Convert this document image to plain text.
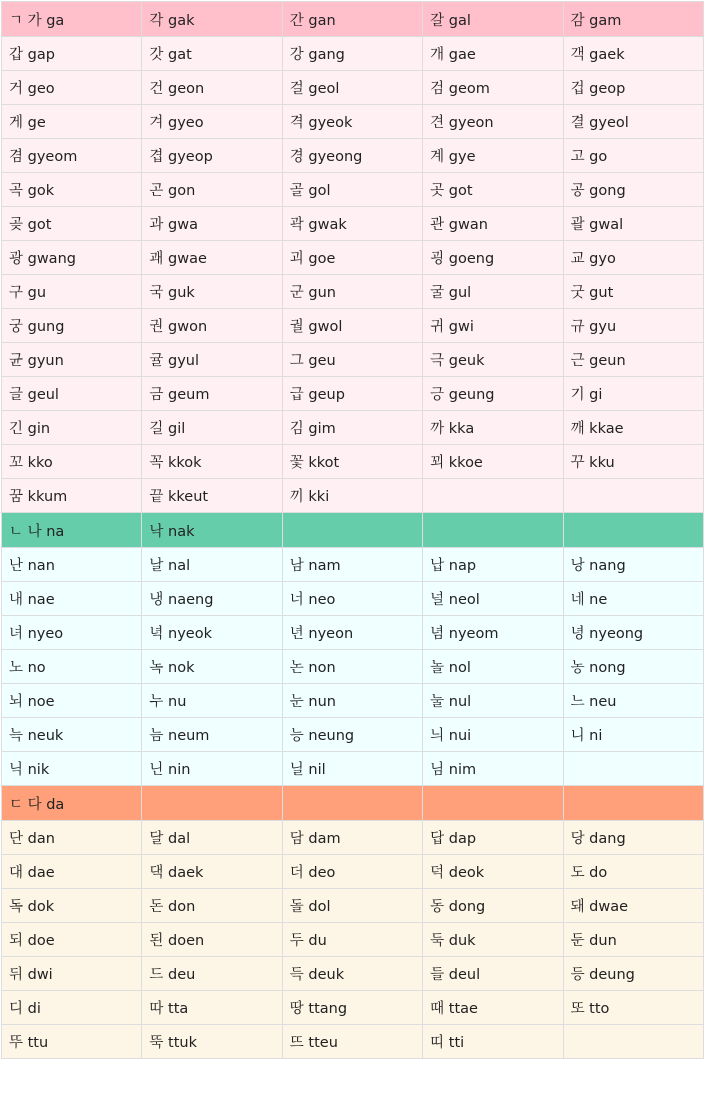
ㄱ 가 ga	각 gak	간 gan	갈 gal	감 gam
갑 gap	갓 gat	강 gang	개 gae	객 gaek
거 geo	건 geon	걸 geol	검 geom	겁 geop
게 ge	겨 gyeo	격 gyeok	견 gyeon	결 gyeol
겸 gyeom	겹 gyeop	경 gyeong	계 gye	고 go
곡 gok	곤 gon	골 gol	곳 got	공 gong
곶 got	과 gwa	곽 gwak	관 gwan	괄 gwal
광 gwang	괘 gwae	괴 goe	굉 goeng	교 gyo
구 gu	국 guk	군 gun	굴 gul	굿 gut
궁 gung	권 gwon	궐 gwol	귀 gwi	규 gyu
균 gyun	귤 gyul	그 geu	극 geuk	근 geun
글 geul	금 geum	급 geup	긍 geung	기 gi
긴 gin	길 gil	김 gim	까 kka	깨 kkae
꼬 kko	꼭 kkok	꽃 kkot	꾀 kkoe	꾸 kku
꿈 kkum	끝 kkeut	끼 kki		
ㄴ 나 na	낙 nak			
난 nan	날 nal	남 nam	납 nap	낭 nang
내 nae	냉 naeng	너 neo	널 neol	네 ne
녀 nyeo	녁 nyeok	년 nyeon	념 nyeom	녕 nyeong
노 no	녹 nok	논 non	놀 nol	농 nong
뇌 noe	누 nu	눈 nun	눌 nul	느 neu
늑 neuk	늠 neum	능 neung	늬 nui	니 ni
닉 nik	닌 nin	닐 nil	님 nim	
ㄷ 다 da				
단 dan	달 dal	담 dam	답 dap	당 dang
대 dae	댁 daek	더 deo	덕 deok	도 do
독 dok	돈 don	돌 dol	동 dong	돼 dwae
되 doe	된 doen	두 du	둑 duk	둔 dun
뒤 dwi	드 deu	득 deuk	들 deul	등 deung
디 di	따 tta	땅 ttang	때 ttae	또 tto
뚜 ttu	뚝 ttuk	뜨 tteu	띠 tti	
